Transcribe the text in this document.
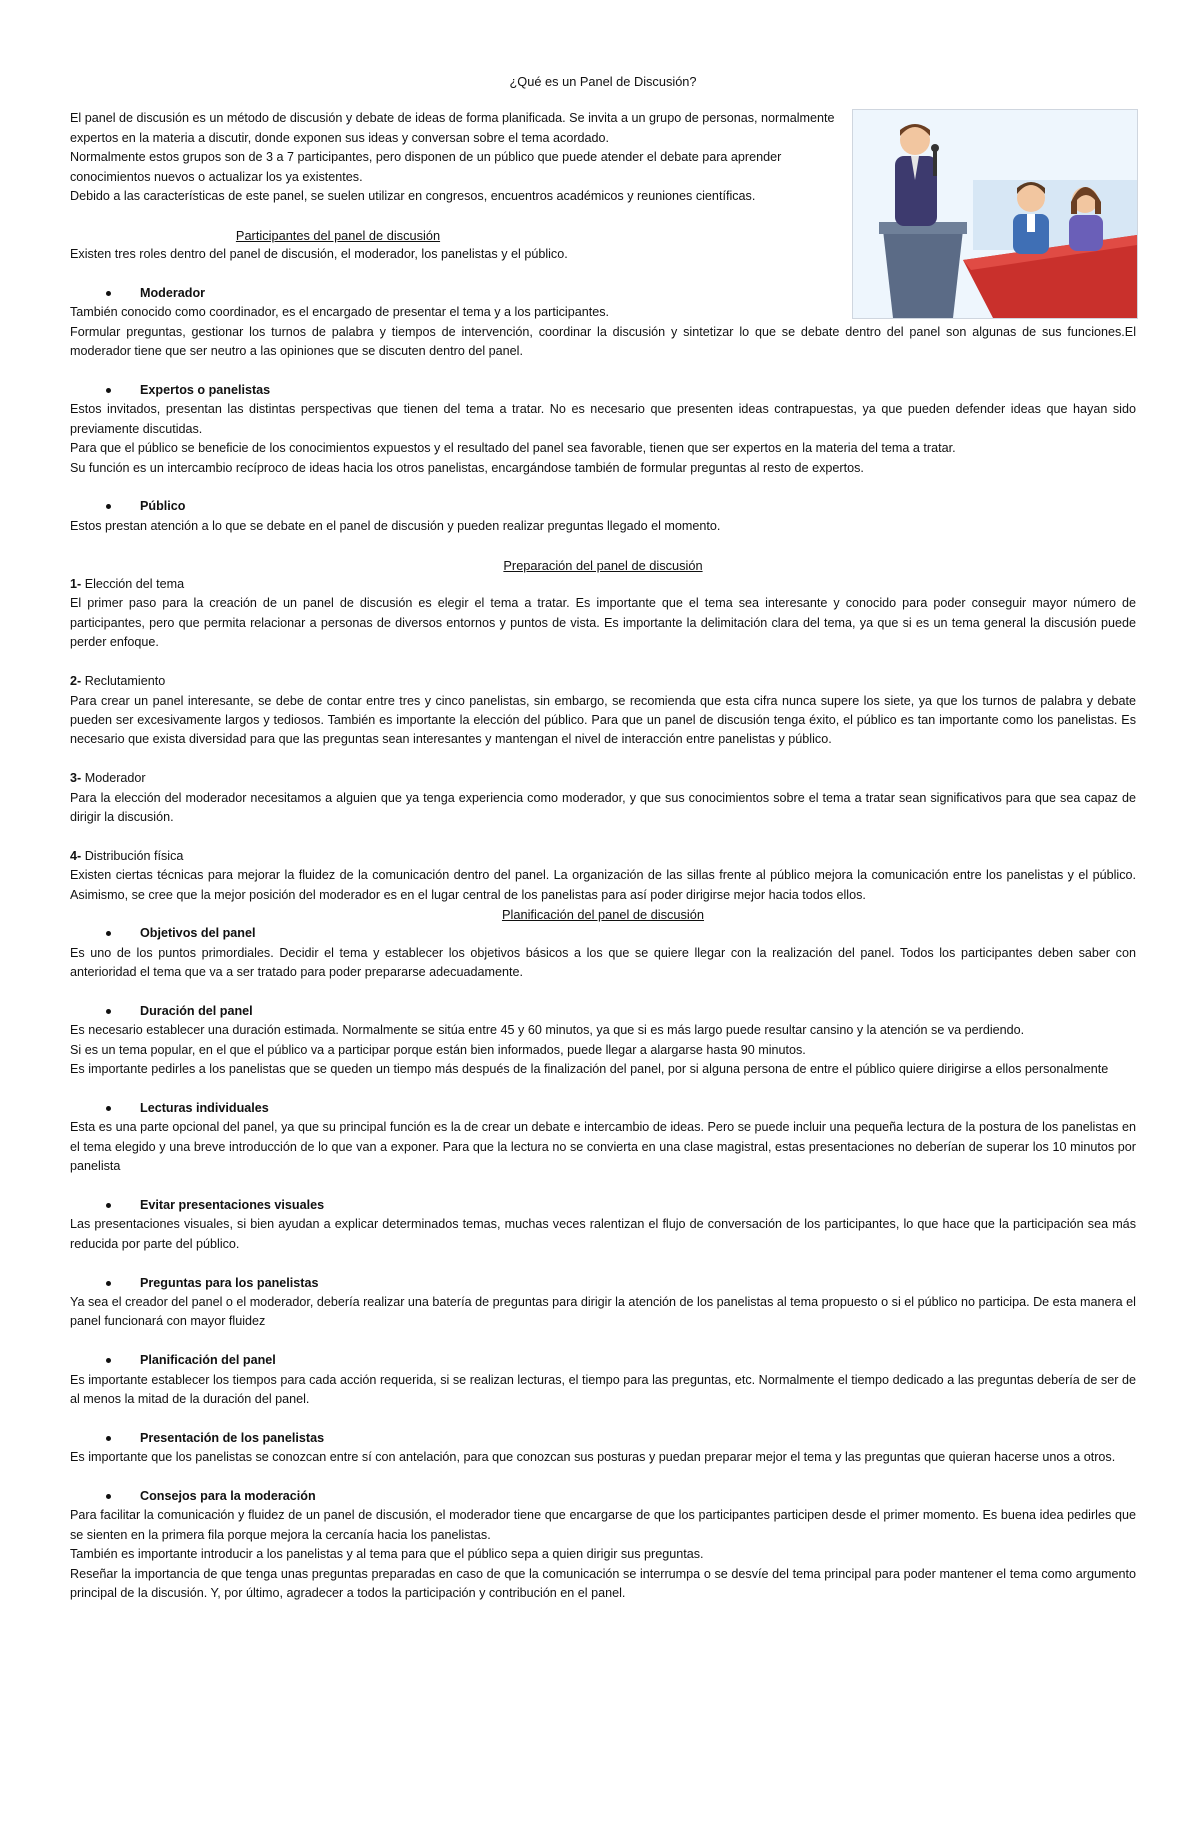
¿Qué es un Panel de Discusión?

El panel de discusión es un método de discusión y debate de ideas de forma planificada. Se invita a un grupo de personas, normalmente expertos en la materia a discutir, donde exponen sus ideas y conversan sobre el tema acordado.

Normalmente estos grupos son de 3 a 7 participantes, pero disponen de un público que puede atender el debate para aprender conocimientos nuevos o actualizar los ya existentes.

Debido a las características de este panel, se suelen utilizar en congresos, encuentros académicos y reuniones científicas.

Participantes del panel de discusión

Existen tres roles dentro del panel de discusión, el moderador, los panelistas y el público.

Moderador

También conocido como coordinador, es el encargado de presentar el tema y a los participantes.

Formular preguntas, gestionar los turnos de palabra y tiempos de intervención, coordinar la discusión y sintetizar lo que se debate dentro del panel son algunas de sus funciones.El moderador tiene que ser neutro a las opiniones que se discuten dentro del panel.

Expertos o panelistas

Estos invitados, presentan las distintas perspectivas que tienen del tema a tratar. No es necesario que presenten ideas contrapuestas, ya que pueden defender ideas que hayan sido previamente discutidas.

Para que el público se beneficie de los conocimientos expuestos y el resultado del panel sea favorable, tienen que ser expertos en la materia del tema a tratar.

Su función es un intercambio recíproco de ideas hacia los otros panelistas, encargándose también de formular preguntas al resto de expertos.

Público

Estos prestan atención a lo que se debate en el panel de discusión y pueden realizar preguntas llegado el momento.

Preparación del panel de discusión

1- Elección del tema

El primer paso para la creación de un panel de discusión es elegir el tema a tratar. Es importante que el tema sea interesante y conocido para poder conseguir mayor número de participantes, pero que permita relacionar a personas de diversos entornos y puntos de vista. Es importante la delimitación clara del tema, ya que si es un tema general la discusión puede perder enfoque.

2- Reclutamiento

Para crear un panel interesante, se debe de contar entre tres y cinco panelistas, sin embargo, se recomienda que esta cifra nunca supere los siete, ya que los turnos de palabra y debate pueden ser excesivamente largos y tediosos. También es importante la elección del público. Para que un panel de discusión tenga éxito, el público es tan importante como los panelistas. Es necesario que exista diversidad para que las preguntas sean interesantes y mantengan el nivel de interacción entre panelistas y público.

3- Moderador

Para la elección del moderador necesitamos a alguien que ya tenga experiencia como moderador, y que sus conocimientos sobre el tema a tratar sean significativos para que sea capaz de dirigir la discusión.

4- Distribución física

Existen ciertas técnicas para mejorar la fluidez de la comunicación dentro del panel. La organización de las sillas frente al público mejora la comunicación entre los panelistas y el público. Asimismo, se cree que la mejor posición del moderador es en el lugar central de los panelistas para así poder dirigirse mejor hacia todos ellos.

Planificación del panel de discusión

Objetivos del panel

Es uno de los puntos primordiales. Decidir el tema y establecer los objetivos básicos a los que se quiere llegar con la realización del panel. Todos los participantes deben saber con anterioridad el tema que va a ser tratado para poder prepararse adecuadamente.

Duración del panel

Es necesario establecer una duración estimada. Normalmente se sitúa entre 45 y 60 minutos, ya que si es más largo puede resultar cansino y la atención se va perdiendo.

Si es un tema popular, en el que el público va a participar porque están bien informados, puede llegar a alargarse hasta 90 minutos.

Es importante pedirles a los panelistas que se queden un tiempo más después de la finalización del panel, por si alguna persona de entre el público quiere dirigirse a ellos personalmente

Lecturas individuales

Esta es una parte opcional del panel, ya que su principal función es la de crear un debate e intercambio de ideas. Pero se puede incluir una pequeña lectura de la postura de los panelistas en el tema elegido y una breve introducción de lo que van a exponer. Para que la lectura no se convierta en una clase magistral, estas presentaciones no deberían de superar los 10 minutos por panelista

Evitar presentaciones visuales

Las presentaciones visuales, si bien ayudan a explicar determinados temas, muchas veces ralentizan el flujo de conversación de los participantes, lo que hace que la participación sea más reducida por parte del público.

Preguntas para los panelistas

Ya sea el creador del panel o el moderador, debería realizar una batería de preguntas para dirigir la atención de los panelistas al tema propuesto o si el público no participa. De esta manera el panel funcionará con mayor fluidez

Planificación del panel

Es importante establecer los tiempos para cada acción requerida, si se realizan lecturas, el tiempo para las preguntas, etc. Normalmente el tiempo dedicado a las preguntas debería de ser de al menos la mitad de la duración del panel.

Presentación de los panelistas

Es importante que los panelistas se conozcan entre sí con antelación, para que conozcan sus posturas y puedan preparar mejor el tema y las preguntas que quieran hacerse unos a otros.

Consejos para la moderación

Para facilitar la comunicación y fluidez de un panel de discusión, el moderador tiene que encargarse de que los participantes participen desde el primer momento. Es buena idea pedirles que se sienten en la primera fila porque mejora la cercanía hacia los panelistas.

También es importante introducir a los panelistas y al tema para que el público sepa a quien dirigir sus preguntas.

Reseñar la importancia de que tenga unas preguntas preparadas en caso de que la comunicación se interrumpa o se desvíe del tema principal para poder mantener el tema como argumento principal de la discusión. Y, por último, agradecer a todos la participación y contribución en el panel.
